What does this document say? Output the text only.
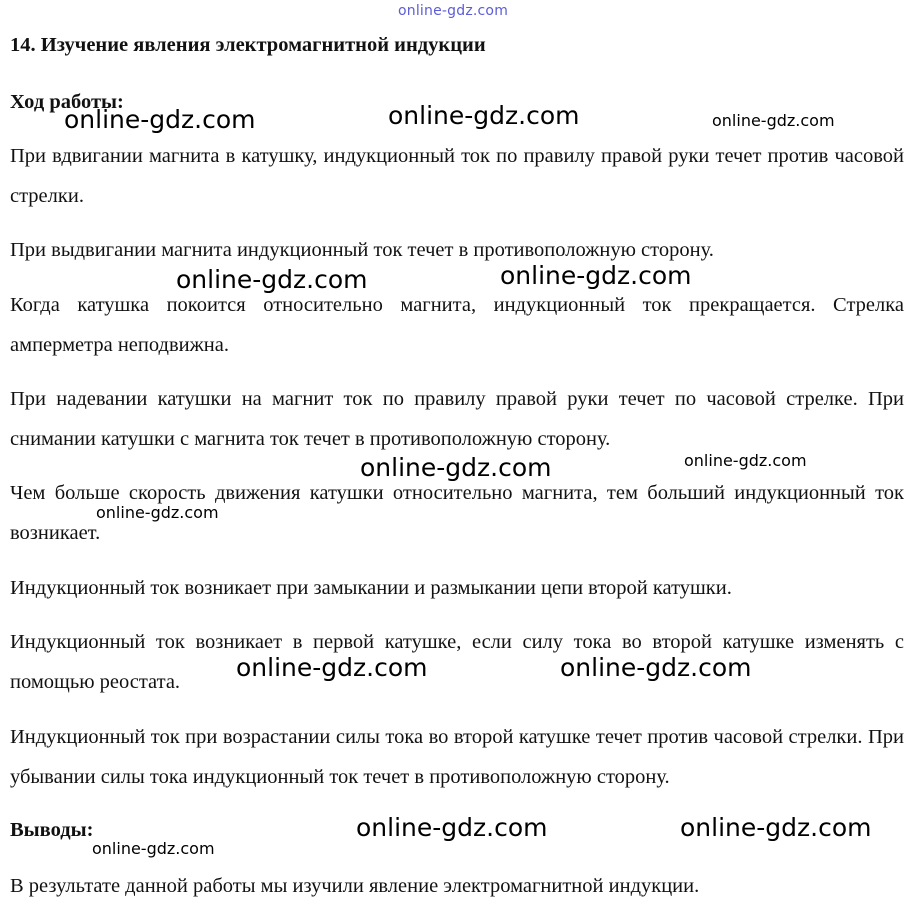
online-gdz.com

14. Изучение явления электромагнитной индукции

Ход работы:

При вдвигании магнита в катушку, индукционный ток по правилу правой руки течет против часовой стрелки.

При выдвигании магнита индукционный ток течет в противоположную сторону.

Когда катушка покоится относительно магнита, индукционный ток прекращается. Стрелка амперметра неподвижна.

При надевании катушки на магнит ток по правилу правой руки течет по часовой стрелке. При снимании катушки с магнита ток течет в противоположную сторону.

Чем больше скорость движения катушки относительно магнита, тем больший индукционный ток возникает.

Индукционный ток возникает при замыкании и размыкании цепи второй катушки.

Индукционный ток возникает в первой катушке, если силу тока во второй катушке изменять с помощью реостата.

Индукционный ток при возрастании силы тока во второй катушке течет против часовой стрелки. При убывании силы тока индукционный ток течет в противоположную сторону.

Выводы:

В результате данной работы мы изучили явление электромагнитной индукции.

online-gdz.com	online-gdz.com	online-gdz.com
online-gdz.com	online-gdz.com
online-gdz.com	online-gdz.com
online-gdz.com
online-gdz.com	online-gdz.com
online-gdz.com	online-gdz.com
online-gdz.com
